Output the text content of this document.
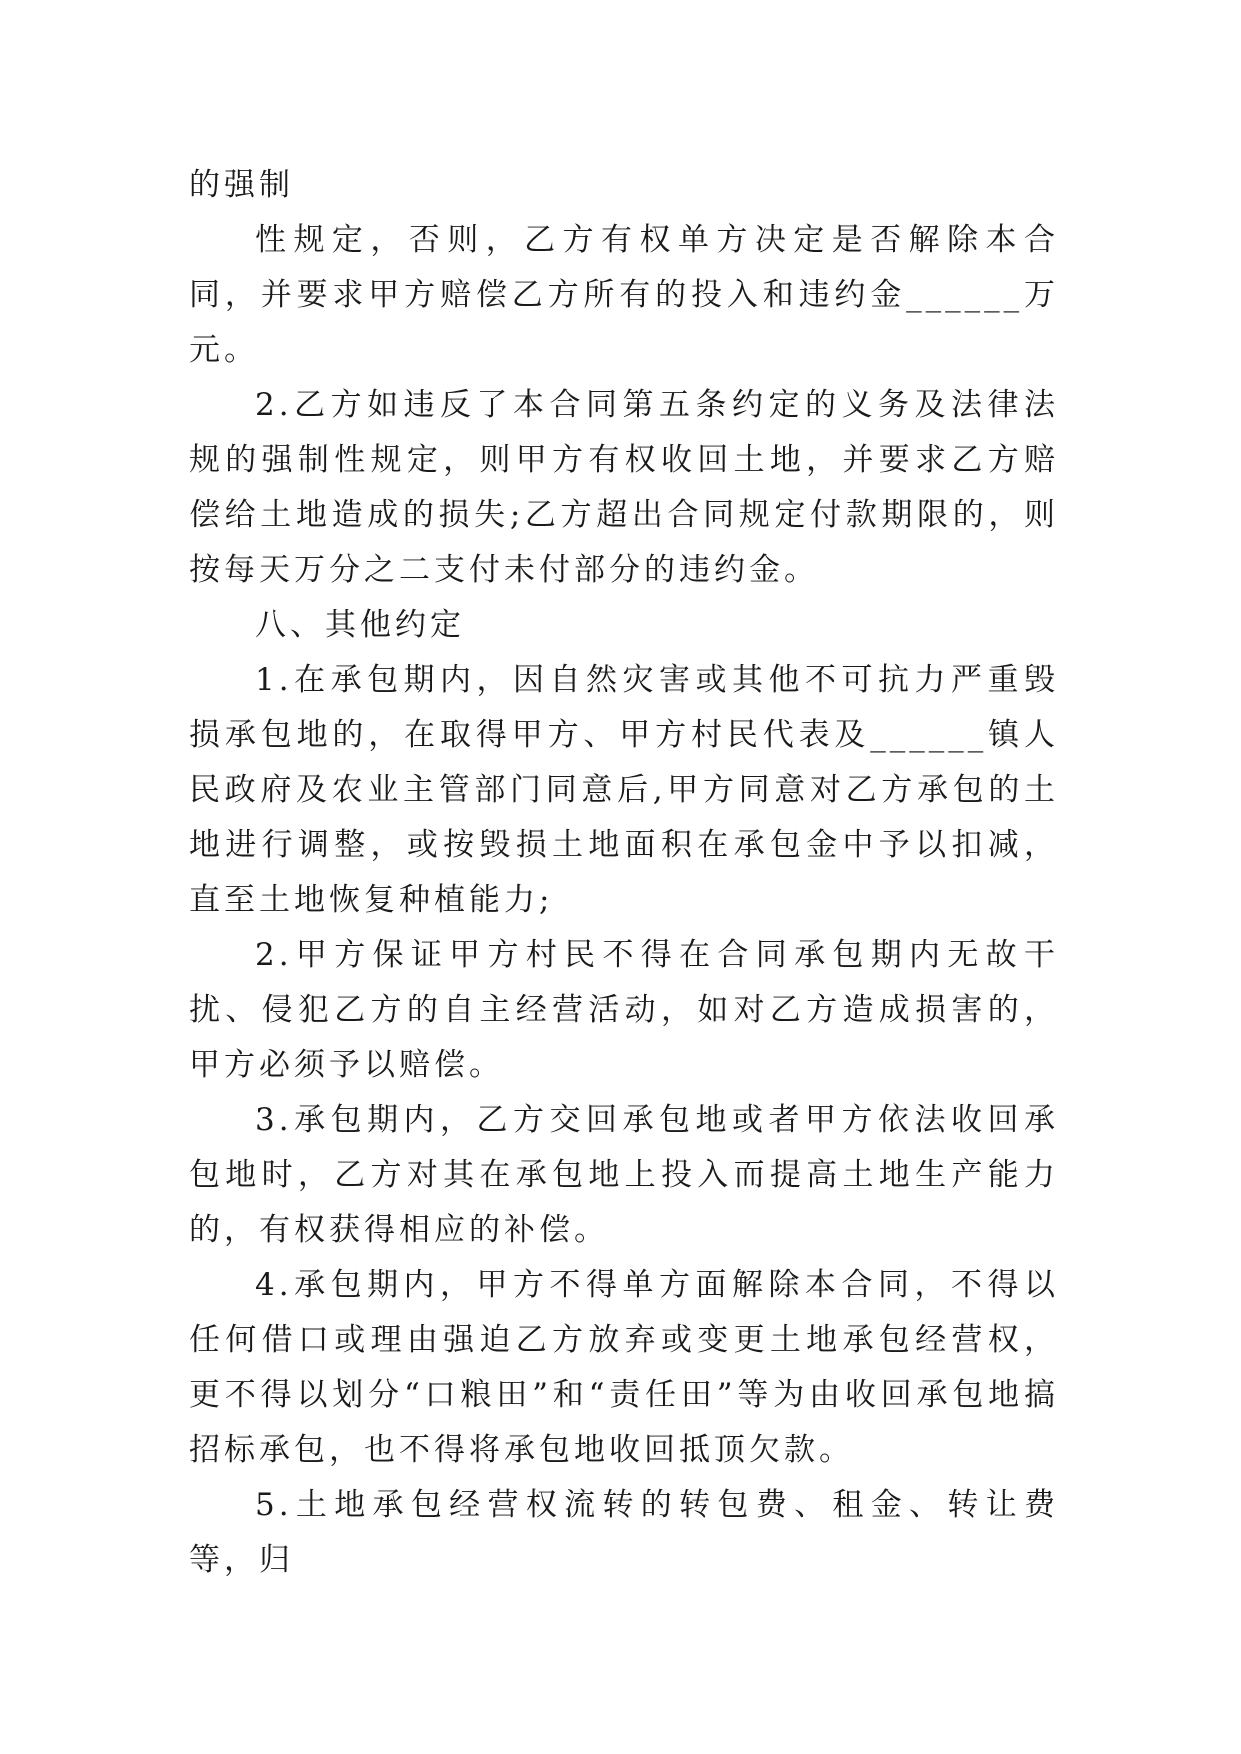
的强制

性规定，否则，乙方有权单方决定是否解除本合同，并要求甲方赔偿乙方所有的投入和违约金______万元。

2.乙方如违反了本合同第五条约定的义务及法律法规的强制性规定，则甲方有权收回土地，并要求乙方赔偿给土地造成的损失;乙方超出合同规定付款期限的，则按每天万分之二支付未付部分的违约金。

八、其他约定

1.在承包期内，因自然灾害或其他不可抗力严重毁损承包地的，在取得甲方、甲方村民代表及______镇人民政府及农业主管部门同意后,甲方同意对乙方承包的土地进行调整，或按毁损土地面积在承包金中予以扣减，直至土地恢复种植能力;

2.甲方保证甲方村民不得在合同承包期内无故干扰、侵犯乙方的自主经营活动，如对乙方造成损害的，甲方必须予以赔偿。

3.承包期内，乙方交回承包地或者甲方依法收回承包地时，乙方对其在承包地上投入而提高土地生产能力的，有权获得相应的补偿。

4.承包期内，甲方不得单方面解除本合同，不得以任何借口或理由强迫乙方放弃或变更土地承包经营权，更不得以划分“口粮田”和“责任田”等为由收回承包地搞招标承包，也不得将承包地收回抵顶欠款。

5.土地承包经营权流转的转包费、租金、转让费等，归
